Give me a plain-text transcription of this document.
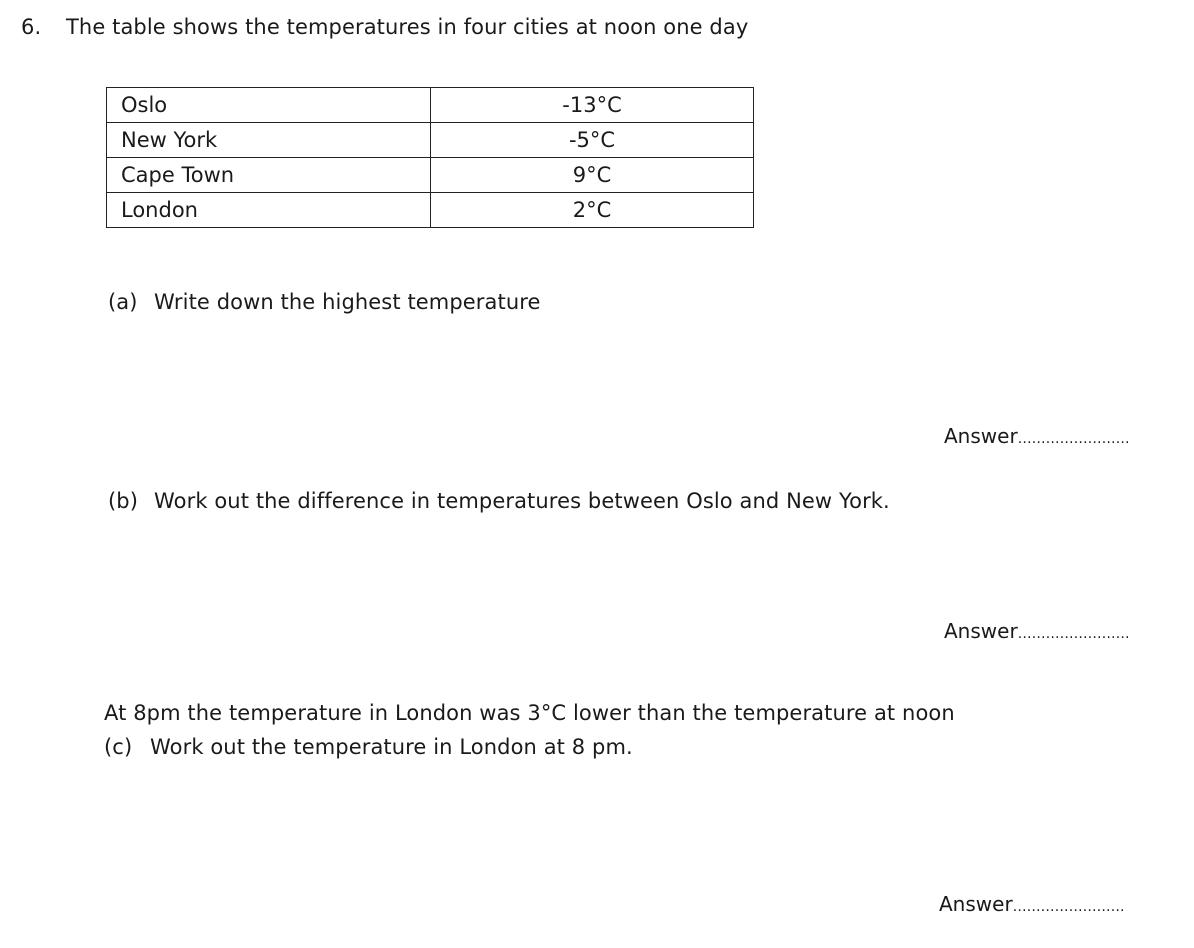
6. The table shows the temperatures in four cities at noon one day
Oslo	-13°C
New York	-5°C
Cape Town	9°C
London	2°C
(a) Write down the highest temperature
Answer……………………
(b) Work out the difference in temperatures between Oslo and New York.
Answer……………………
At 8pm the temperature in London was 3°C lower than the temperature at noon
(c) Work out the temperature in London at 8 pm.
Answer……………………
